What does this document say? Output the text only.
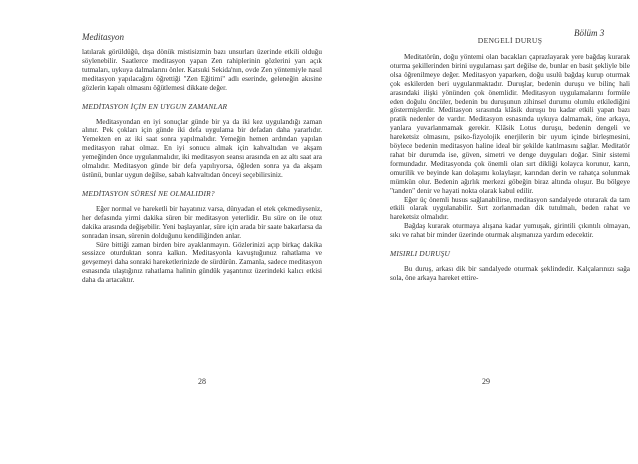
Meditasyon

latılarak görüldüğü, dışa dönük mistisizmin bazı unsurları üzerinde etkili olduğu söylenebilir. Saatlerce meditasyon yapan Zen rahiplerinin gözlerini yarı açık tutmaları, uykuya dalmalarını önler. Katsuki Sekida'nın, ovde Zen yöntemiyle nasıl meditasyon yapılacağını öğrettiği "Zen Eğitimi" adlı eserinde, geleneğin akısine gözlerin kapalı olmasını öğütlemesi dikkate değer.

MEDİTASYON İÇİN EN UYGUN ZAMANLAR

Meditasyondan en iyi sonuçlar günde bir ya da iki kez uygulandığı zaman alınır. Pek çokları için günde iki defa uygulama bir defadan daha yararlıdır. Yemekten en az iki saat sonra yapılmalıdır. Yemeğin hemen ardından yapılan meditasyon rahat olmaz. En iyi sonucu almak için kahvaltıdan ve akşam yemeğinden önce uygulanmalıdır, iki meditasyon seansı arasında en az altı saat ara olmalıdır. Meditasyon günde bir defa yapılıyorsa, öğleden sonra ya da akşam üstünü, bunlar uygun değilse, sabah kahvaltıdan önceyi seçebilirsiniz.

MEDİTASYON SÜRESİ NE OLMALIDIR?

Eğer normal ve hareketli bir hayatınız varsa, dünyadan el etek çekmediyseniz, her defasında yirmi dakika süren bir meditasyon yeterlidir. Bu süre on ile otuz dakika arasında değişebilir. Yeni başlayanlar, süre için arada bir saate bakarlarsa da sonradan insan, sürenin dolduğunu kendiliğinden anlar.

Süre bittiği zaman birden bire ayaklanmayın. Gözlerinizi açıp birkaç dakika sessizce oturduktan sonra kalkın. Meditasyonla kavuştuğunuz rahatlama ve gevşemeyi daha sonraki hareketlerinizde de sürdürün. Zamanla, sadece meditasyon esnasında ulaştığınız rahatlama halinin gündük yaşantınız üzerindeki kalıcı etkisi daha da artacaktır.

28
Bölüm 3
DENGELİ DURUŞ

Meditatörün, doğu yöntemi olan bacakları çaprazlayarak yere bağdaş kurarak oturma şekillerinden birini uygulaması şart değilse de, bunlar en basit şekliyle bile olsa öğrenilmeye değer. Meditasyon yaparken, doğu usulü bağdaş kurup oturmak çok eskilerden beri uygulanmaktadır. Duruşlar, bedenin duruşu ve bilinç hali arasındaki ilişki yönünden çok önemlidir. Meditasyon uygulamalarını formüle eden doğulu öncüler, bedenin bu duruşunun zihinsel durumu olumlu etkilediğini göstermişlerdir. Meditasyon sırasında klâsik duruşu bu kadar etkili yapan bazı pratik nedenler de vardır. Meditasyon esnasında uykuya dalmamak, öne arkaya, yanlara yuvarlanmamak gerekir. Klâsik Lotus duruşu, bedenin dengeli ve hareketsiz olmasını, psiko-fizyolojik enerjilerin bir uyum içinde birleşmesini, böylece bedenin meditasyon haline ideal bir şekilde katılmasını sağlar. Meditatör rahat bir durumda ise, güven, simetri ve denge duyguları doğar. Sinir sistemi formundadır. Meditasyonda çok önemli olan sırt dikliği kolayca korunur, karın, omurilik ve beyinde kan dolaşımı kolaylaşır, karından derin ve rahatça solunmak mümkün olur. Bedenin ağırlık merkezi göbeğin biraz altında oluşur. Bu bölgeye "tanden" denir ve hayati nokta olarak kabul edilir.

Eğer üç önemli husus sağlanabilirse, meditasyon sandalyede oturarak da tam etkili olarak uygulanabilir. Sırt zorlanmadan dik tutulmalı, beden rahat ve hareketsiz olmalıdır.

Bağdaş kurarak oturmaya alışana kadar yumuşak, girintili çıkıntılı olmayan, sıkı ve rahat bir minder üzerinde oturmak alışmanıza yardım edecektir.

MISIRLI DURUŞU

Bu duruş, arkası dik bir sandalyede oturmak şeklindedir. Kalçalarınızı sağa sola, öne arkaya hareket ettire-

29
